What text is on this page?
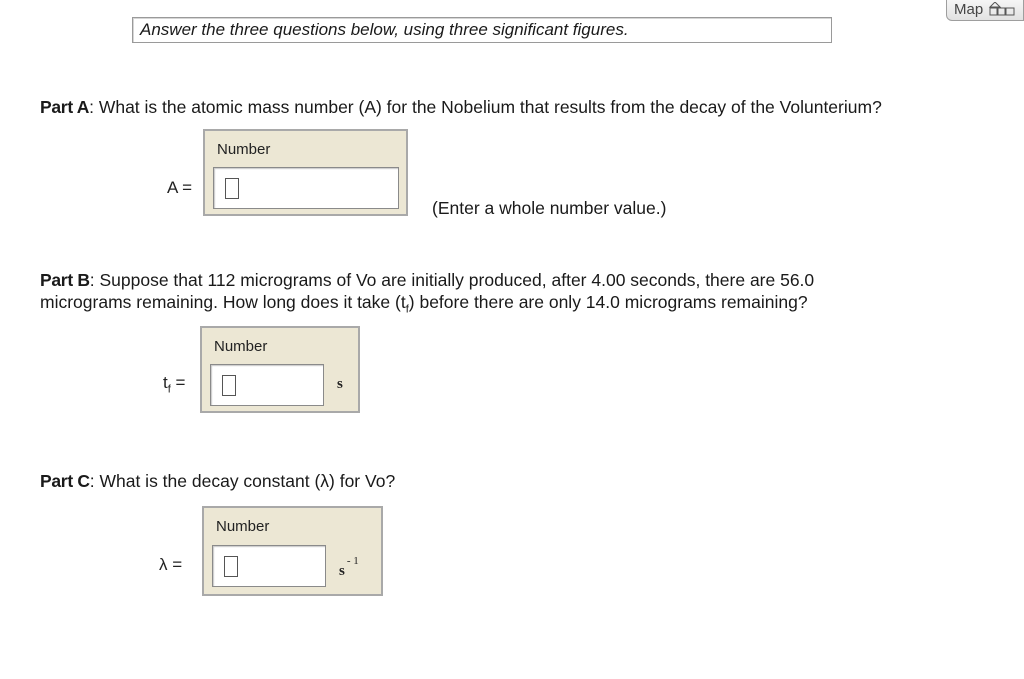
Answer the three questions below, using three significant figures.
Map
Part A: What is the atomic mass number (A) for the Nobelium that results from the decay of the Volunteriu​m?
A =
Number
(Enter a whole number value.)
Part B: Suppose that 112 micrograms of Vo are initially produced, after 4.00 seconds, there are 56.0
micrograms remaining. How long does it take $(t_f)$ before there are only 14.0 micrograms remaining?
$t_f$ =
Number
s
Part C: What is the decay constant (λ) for Vo?
λ =
Number
$s^{- 1}$
